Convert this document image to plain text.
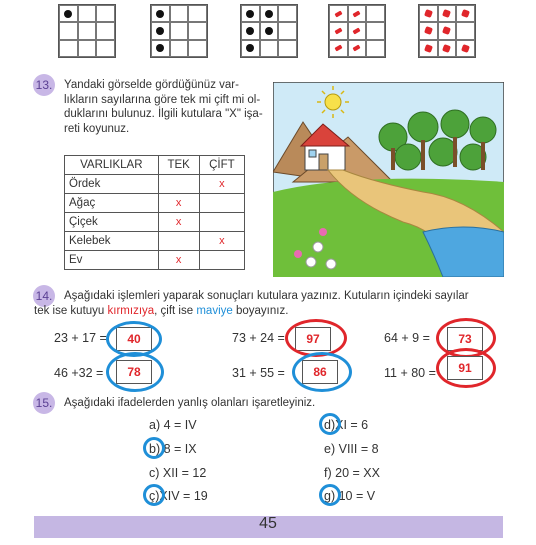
13. Yandaki görselde gördüğünüz var-
lıkların sayılarına göre tek mi çift mi ol-
duklarını bulunuz. İlgili kutulara "X" işa-
reti koyunuz.
VARLIKLAR	TEK	ÇİFT
Ördek		x
Ağaç	x	
Çiçek	x	
Kelebek		x
Ev	x	
14. Aşağıdaki işlemleri yaparak sonuçları kutulara yazınız. Kutuların içindeki sayılar
tek ise kutuyu kırmızıya, çift ise maviye boyayınız.
23 + 17 =	40	73 + 24 =	97	64 + 9 =	73
46 +32 =	78	31 + 55 =	86	11 + 80 =	91
15. Aşağıdaki ifadelerden yanlış olanları işaretleyiniz.
a) 4 = IV	d)XI = 6
b) 8 = IX	e) VIII = 8
c) XII = 12	f) 20 = XX
ç)XIV = 19	g) 10 = V
45
